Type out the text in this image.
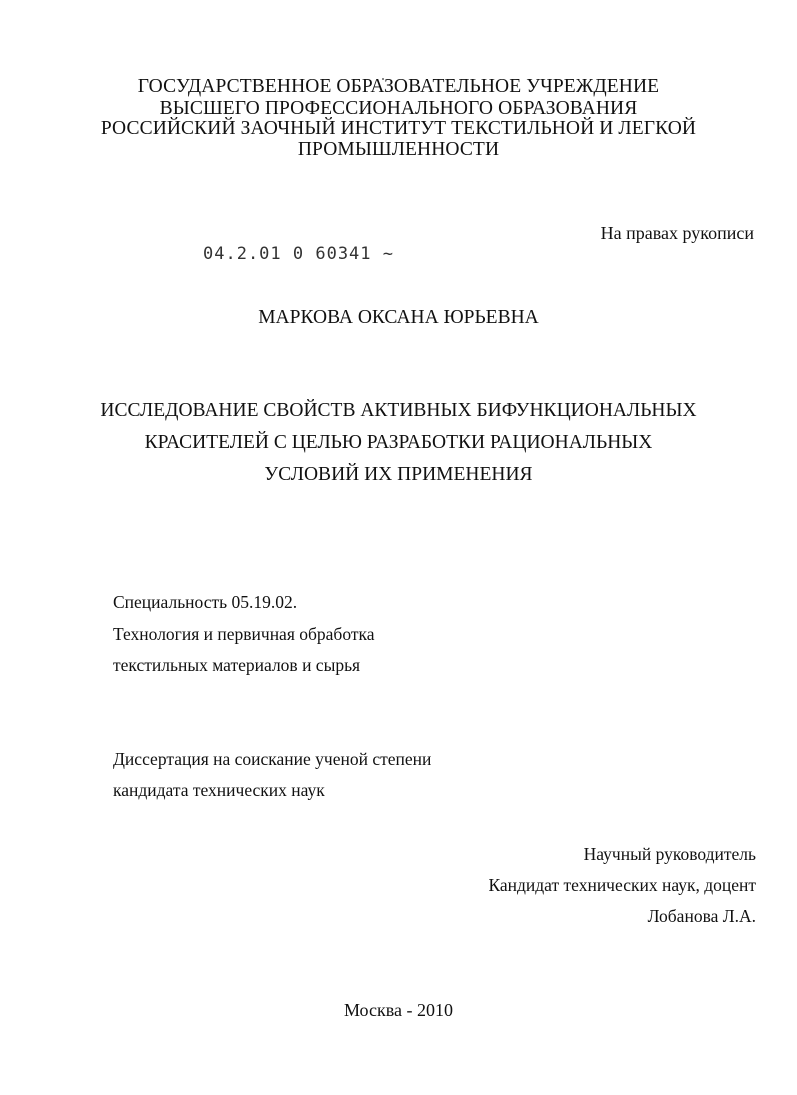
ГОСУДАРСТВЕННОЕ ОБРАЗОВАТЕЛЬНОЕ УЧРЕЖДЕНИЕ
ВЫСШЕГО ПРОФЕССИОНАЛЬНОГО ОБРАЗОВАНИЯ
РОССИЙСКИЙ ЗАОЧНЫЙ ИНСТИТУТ ТЕКСТИЛЬНОЙ И ЛЕГКОЙ
ПРОМЫШЛЕННОСТИ
На правах рукописи
04.2.01 0 60341 ~
МАРКОВА ОКСАНА ЮРЬЕВНА
ИССЛЕДОВАНИЕ СВОЙСТВ АКТИВНЫХ БИФУНКЦИОНАЛЬНЫХ
КРАСИТЕЛЕЙ С ЦЕЛЬЮ РАЗРАБОТКИ РАЦИОНАЛЬНЫХ
УСЛОВИЙ ИХ ПРИМЕНЕНИЯ
Специальность 05.19.02.
Технология и первичная обработка
текстильных материалов и сырья
Диссертация на соискание ученой степени
кандидата технических наук
Научный руководитель
Кандидат технических наук, доцент
Лобанова Л.А.
Москва - 2010
